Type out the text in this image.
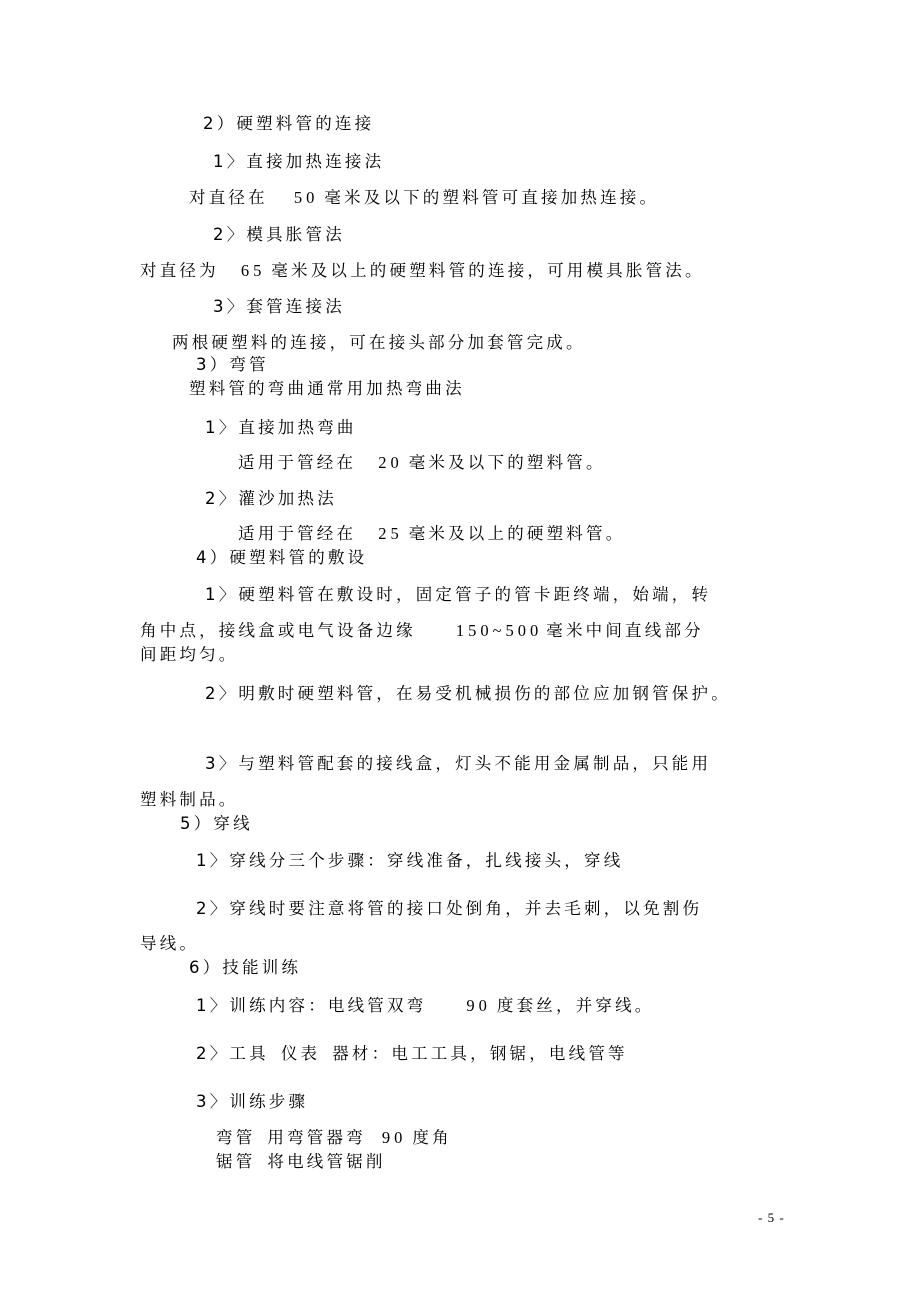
2）硬塑料管的连接
1〉直接加热连接法
对直径在 50 毫米及以下的塑料管可直接加热连接。
2〉模具胀管法
对直径为 65 毫米及以上的硬塑料管的连接，可用模具胀管法。
3〉套管连接法
两根硬塑料的连接，可在接头部分加套管完成。
3）弯管
塑料管的弯曲通常用加热弯曲法
1〉直接加热弯曲
适用于管经在 20 毫米及以下的塑料管。
2〉灌沙加热法
适用于管经在 25 毫米及以上的硬塑料管。
4）硬塑料管的敷设
1〉硬塑料管在敷设时，固定管子的管卡距终端，始端，转
角中点，接线盒或电气设备边缘 150~500 毫米中间直线部分
间距均匀。
2〉明敷时硬塑料管，在易受机械损伤的部位应加钢管保护。
3〉与塑料管配套的接线盒，灯头不能用金属制品，只能用
塑料制品。
5）穿线
1〉穿线分三个步骤：穿线准备，扎线接头，穿线
2〉穿线时要注意将管的接口处倒角，并去毛刺，以免割伤
导线。
6）技能训练
1〉训练内容：电线管双弯 90 度套丝，并穿线。
2〉工具 仪表 器材：电工工具，钢锯，电线管等
3〉训练步骤
弯管 用弯管器弯 90 度角
锯管 将电线管锯削
- 5 -
